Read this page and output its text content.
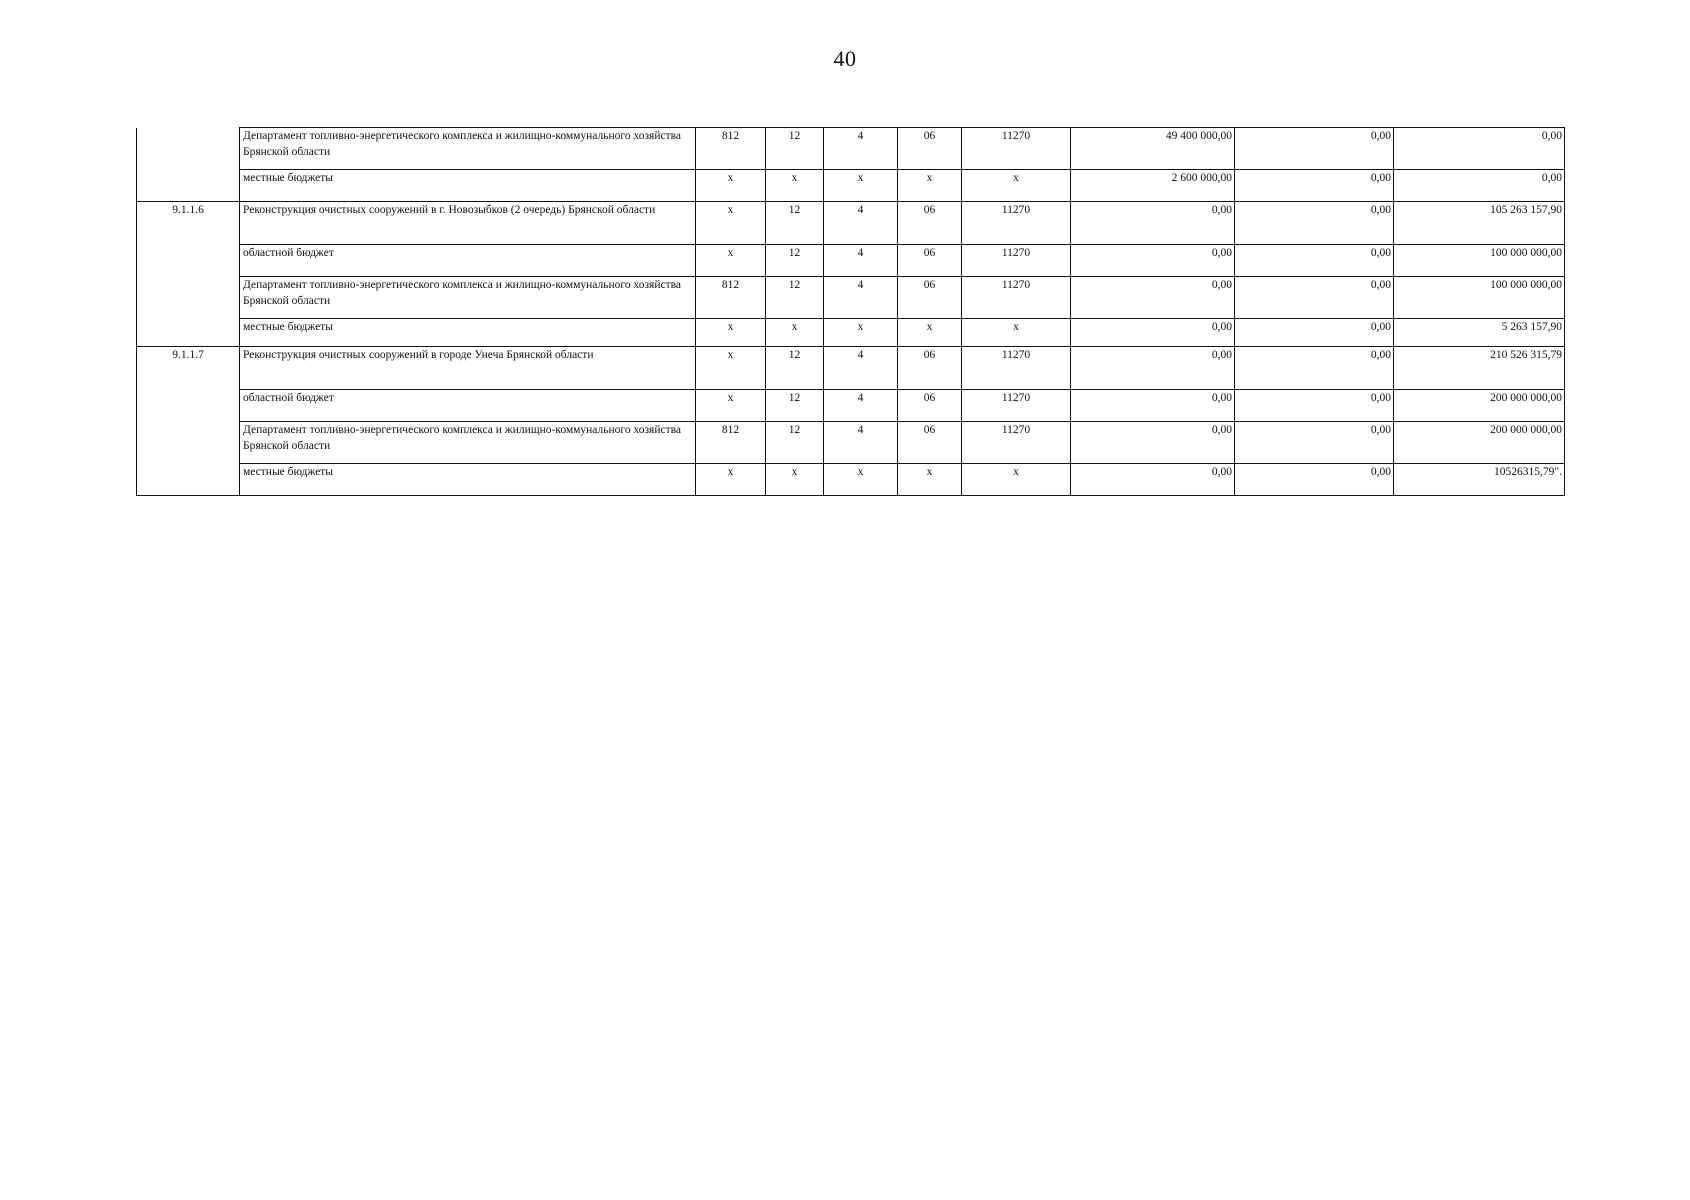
40
	Департамент топливно-энергетического комплекса и жилищно-коммунального хозяйства Брянской области	812	12	4	06	11270	49 400 000,00	0,00	0,00
	местные бюджеты	x	x	x	x	x	2 600 000,00	0,00	0,00
9.1.1.6	Реконструкция очистных сооружений в г. Новозыбков (2 очередь) Брянской области	x	12	4	06	11270	0,00	0,00	105 263 157,90
	областной бюджет	x	12	4	06	11270	0,00	0,00	100 000 000,00
	Департамент топливно-энергетического комплекса и жилищно-коммунального хозяйства Брянской области	812	12	4	06	11270	0,00	0,00	100 000 000,00
	местные бюджеты	x	x	x	x	x	0,00	0,00	5 263 157,90
9.1.1.7	Реконструкция очистных сооружений в городе Унеча Брянской области	x	12	4	06	11270	0,00	0,00	210 526 315,79
	областной бюджет	x	12	4	06	11270	0,00	0,00	200 000 000,00
	Департамент топливно-энергетического комплекса и жилищно-коммунального хозяйства Брянской области	812	12	4	06	11270	0,00	0,00	200 000 000,00
	местные бюджеты	x	x	x	x	x	0,00	0,00	10526315,79".
